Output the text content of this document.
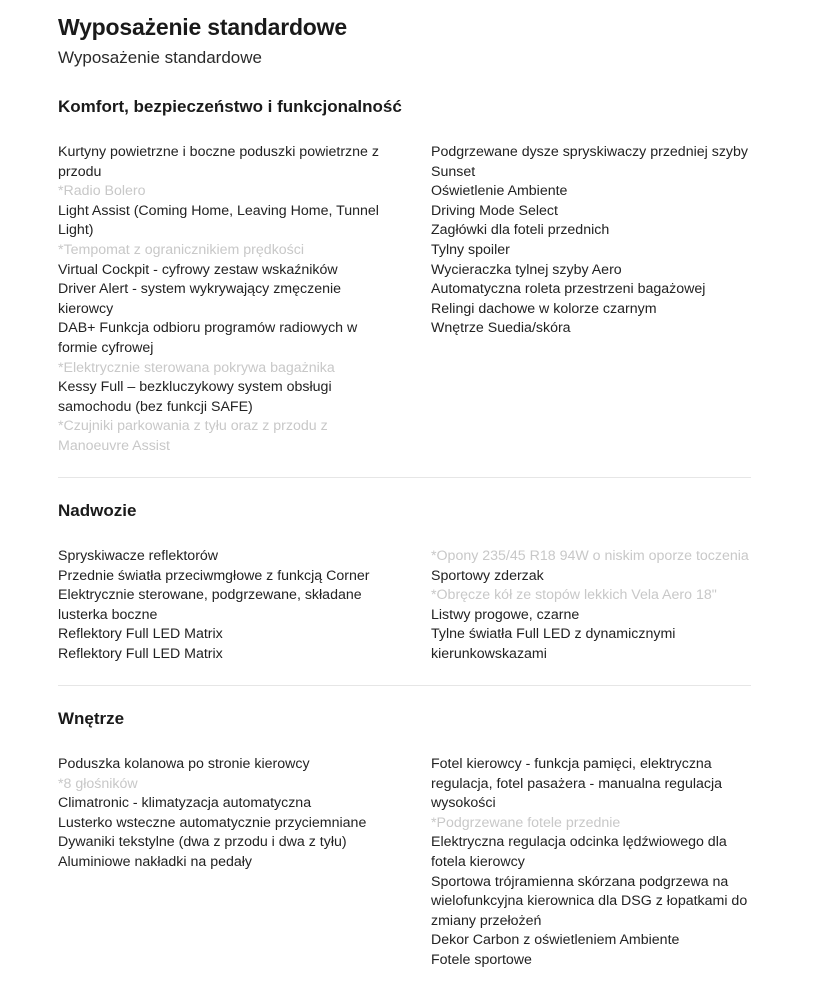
Wyposażenie standardowe
Wyposażenie standardowe
Komfort, bezpieczeństwo i funkcjonalność
Kurtyny powietrzne i boczne poduszki powietrzne z przodu
*Radio Bolero
Light Assist (Coming Home, Leaving Home, Tunnel Light)
*Tempomat z ogranicznikiem prędkości
Virtual Cockpit - cyfrowy zestaw wskaźników
Driver Alert - system wykrywający zmęczenie kierowcy
DAB+ Funkcja odbioru programów radiowych w formie cyfrowej
*Elektrycznie sterowana pokrywa bagażnika
Kessy Full – bezkluczykowy system obsługi samochodu (bez funkcji SAFE)
*Czujniki parkowania z tyłu oraz z przodu z Manoeuvre Assist
Podgrzewane dysze spryskiwaczy przedniej szyby
Sunset
Oświetlenie Ambiente
Driving Mode Select
Zagłówki dla foteli przednich
Tylny spoiler
Wycieraczka tylnej szyby Aero
Automatyczna roleta przestrzeni bagażowej
Relingi dachowe w kolorze czarnym
Wnętrze Suedia/skóra
Nadwozie
Spryskiwacze reflektorów
Przednie światła przeciwmgłowe z funkcją Corner
Elektrycznie sterowane, podgrzewane, składane lusterka boczne
Reflektory Full LED Matrix
Reflektory Full LED Matrix
*Opony 235/45 R18 94W o niskim oporze toczenia
Sportowy zderzak
*Obręcze kół ze stopów lekkich Vela Aero 18"
Listwy progowe, czarne
Tylne światła Full LED z dynamicznymi kierunkowskazami
Wnętrze
Poduszka kolanowa po stronie kierowcy
*8 głośników
Climatronic - klimatyzacja automatyczna
Lusterko wsteczne automatycznie przyciemniane
Dywaniki tekstylne (dwa z przodu i dwa z tyłu)
Aluminiowe nakładki na pedały
Fotel kierowcy - funkcja pamięci, elektryczna regulacja, fotel pasażera - manualna regulacja wysokości
*Podgrzewane fotele przednie
Elektryczna regulacja odcinka lędźwiowego dla fotela kierowcy
Sportowa trójramienna skórzana podgrzewa na wielofunkcyjna kierownica dla DSG z łopatkami do zmiany przełożeń
Dekor Carbon z oświetleniem Ambiente
Fotele sportowe
